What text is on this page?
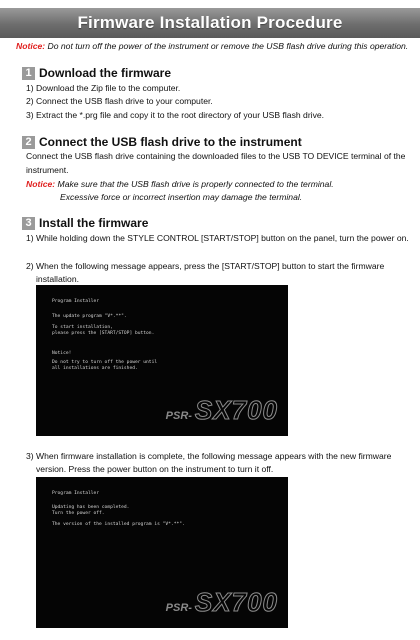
Firmware Installation Procedure
Notice: Do not turn off the power of the instrument or remove the USB flash drive during this operation.
1 Download the firmware
1) Download the Zip file to the computer.
2) Connect the USB flash drive to your computer.
3) Extract the *.prg file and copy it to the root directory of your USB flash drive.
2 Connect the USB flash drive to the instrument
Connect the USB flash drive containing the downloaded files to the USB TO DEVICE terminal of the
instrument.
Notice: Make sure that the USB flash drive is properly connected to the terminal.
Excessive force or incorrect insertion may damage the terminal.
3 Install the firmware
1) While holding down the STYLE CONTROL [START/STOP] button on the panel, turn the power on.
2) When the following message appears, press the [START/STOP] button to start the firmware
installation.
Program Installer
The update program "V*.**".
To start installation,
please press the [START/STOP] button.
Notice!
Do not try to turn off the power until
all installations are finished.
PSR- SX700
3) When firmware installation is complete, the following message appears with the new firmware
version. Press the power button on the instrument to turn it off.
Program Installer
Updating has been completed.
Turn the power off.
The version of the installed program is "V*.**".
PSR- SX700
